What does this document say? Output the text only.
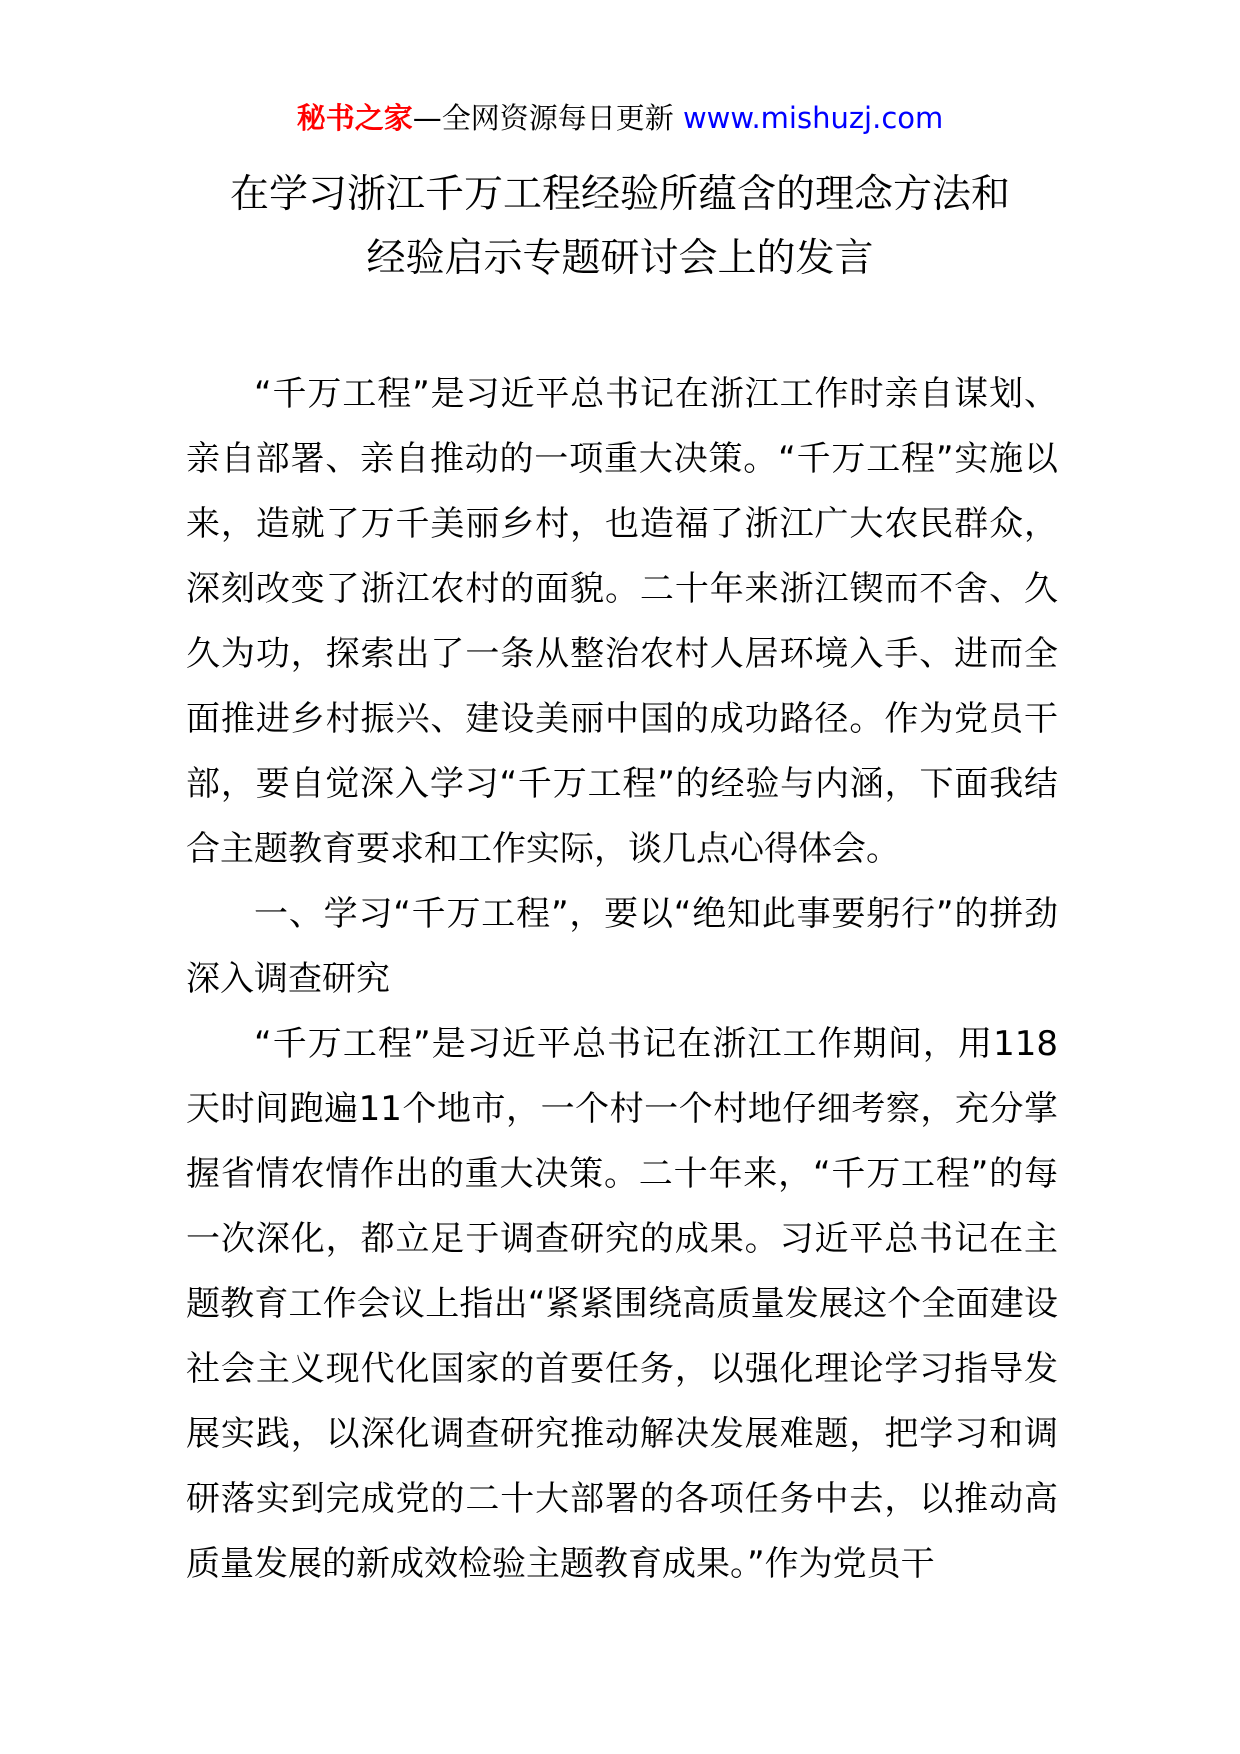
秘书之家—全网资源每日更新 www.mishuzj.com
在学习浙江千万工程经验所蕴含的理念方法和
经验启示专题研讨会上的发言

“千万工程”是习近平总书记在浙江工作时亲自谋划、亲自部署、亲自推动的一项重大决策。“千万工程”实施以来，造就了万千美丽乡村，也造福了浙江广大农民群众，深刻改变了浙江农村的面貌。二十年来浙江锲而不舍、久久为功，探索出了一条从整治农村人居环境入手、进而全面推进乡村振兴、建设美丽中国的成功路径。作为党员干部，要自觉深入学习“千万工程”的经验与内涵，下面我结合主题教育要求和工作实际，谈几点心得体会。

一、学习“千万工程”，要以“绝知此事要躬行”的拼劲深入调查研究

“千万工程”是习近平总书记在浙江工作期间，用118天时间跑遍11个地市，一个村一个村地仔细考察，充分掌握省情农情作出的重大决策。二十年来，“千万工程”的每一次深化，都立足于调查研究的成果。习近平总书记在主题教育工作会议上指出“紧紧围绕高质量发展这个全面建设社会主义现代化国家的首要任务，以强化理论学习指导发展实践，以深化调查研究推动解决发展难题，把学习和调研落实到完成党的二十大部署的各项任务中去，以推动高质量发展的新成效检验主题教育成果。”作为党员干
